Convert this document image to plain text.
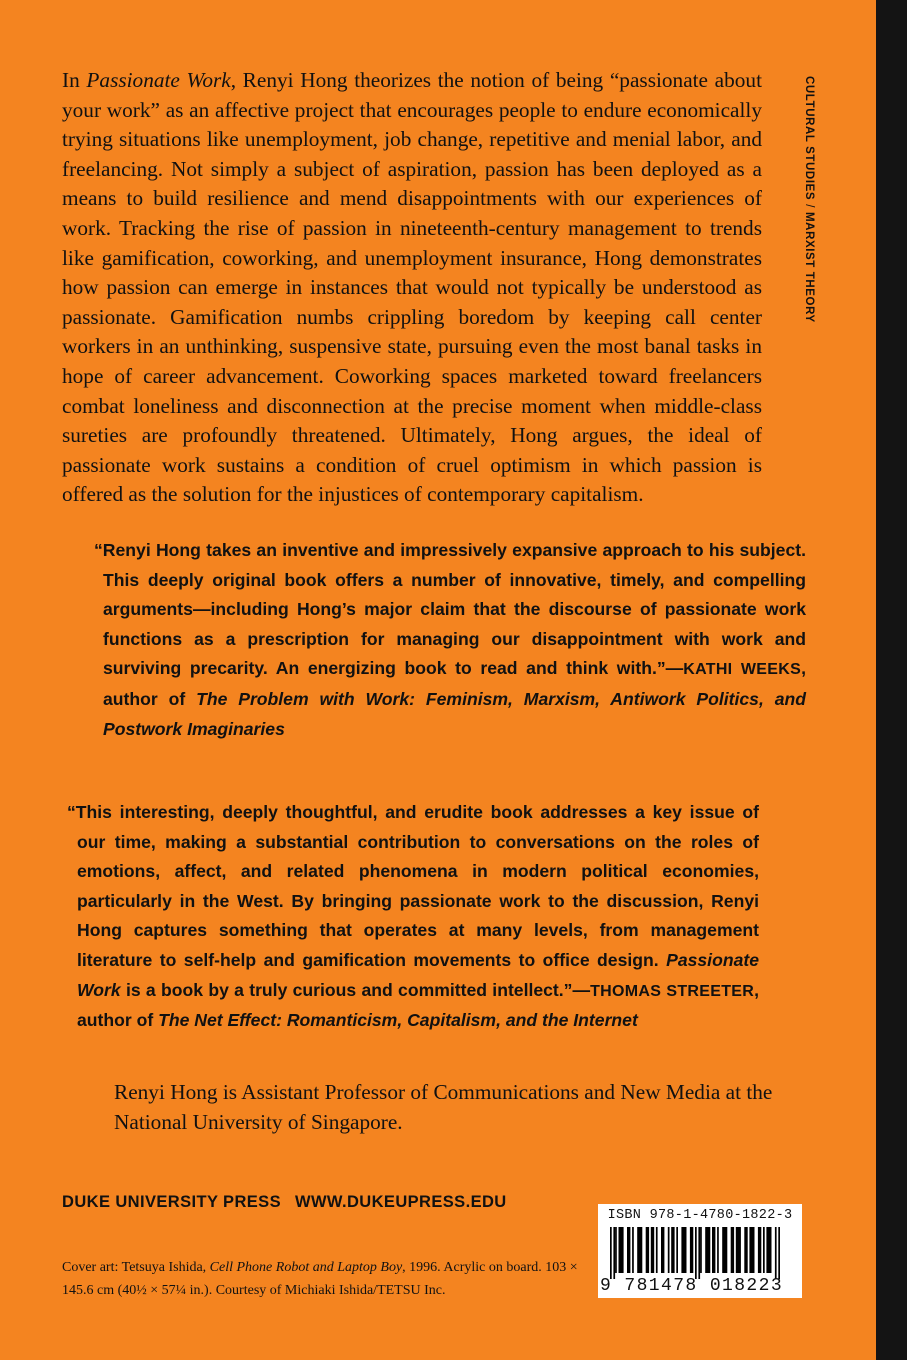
CULTURAL STUDIES/MARXIST THEORY

In Passionate Work, Renyi Hong theorizes the notion of being “passionate about your work” as an affective project that encourages people to endure economically trying situations like unemployment, job change, repetitive and menial labor, and freelancing. Not simply a subject of aspiration, passion has been deployed as a means to build resilience and mend disappointments with our experiences of work. Tracking the rise of passion in nineteenth-century management to trends like gamification, coworking, and unemployment insurance, Hong demonstrates how passion can emerge in instances that would not typically be understood as passionate. Gamification numbs crippling boredom by keeping call center workers in an unthinking, suspensive state, pursuing even the most banal tasks in hope of career advancement. Coworking spaces marketed toward freelancers combat loneliness and disconnection at the precise moment when middle-class sureties are profoundly threatened. Ultimately, Hong argues, the ideal of passionate work sustains a condition of cruel optimism in which passion is offered as the solution for the injustices of contemporary capitalism.

“Renyi Hong takes an inventive and impressively expansive approach to his subject. This deeply original book offers a number of innovative, timely, and compelling arguments—including Hong’s major claim that the discourse of passionate work functions as a prescription for managing our disappointment with work and surviving precarity. An energizing book to read and think with.”—KATHI WEEKS, author of The Problem with Work: Feminism, Marxism, Antiwork Politics, and Postwork Imaginaries

“This interesting, deeply thoughtful, and erudite book addresses a key issue of our time, making a substantial contribution to conversations on the roles of emotions, affect, and related phenomena in modern political economies, particularly in the West. By bringing passionate work to the discussion, Renyi Hong captures something that operates at many levels, from management literature to self-help and gamification movements to office design. Passionate Work is a book by a truly curious and committed intellect.”—THOMAS STREETER, author of The Net Effect: Romanticism, Capitalism, and the Internet

Renyi Hong is Assistant Professor of Communications and New Media at the National University of Singapore.

DUKE UNIVERSITY PRESS WWW.DUKEUPRESS.EDU

Cover art: Tetsuya Ishida, Cell Phone Robot and Laptop Boy, 1996. Acrylic on board. 103 × 145.6 cm (40½ × 57¼ in.). Courtesy of Michiaki Ishida/TETSU Inc.

ISBN 978-1-4780-1822-3
9 781478 018223
